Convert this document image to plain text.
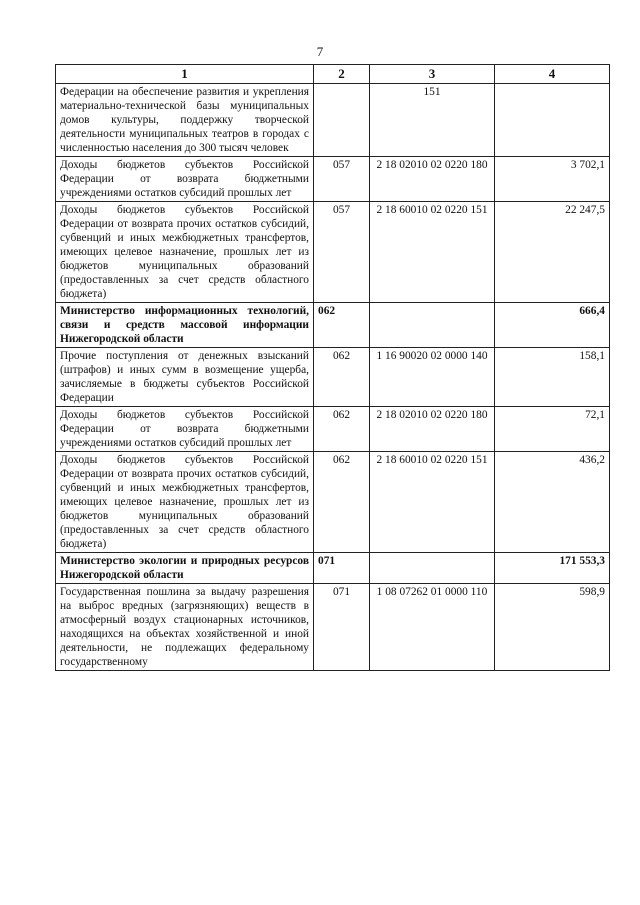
7
1	2	3	4
Федерации на обеспечение развития и укрепления материально-технической базы муниципальных домов культуры, поддержку творческой деятельности муниципальных театров в городах с численностью населения до 300 тысяч человек		151	
Доходы бюджетов субъектов Российской Федерации от возврата бюджетными учреждениями остатков субсидий прошлых лет	057	2 18 02010 02 0220 180	3 702,1
Доходы бюджетов субъектов Российской Федерации от возврата прочих остатков субсидий, субвенций и иных межбюджетных трансфертов, имеющих целевое назначение, прошлых лет из бюджетов муниципальных образований (предоставленных за счет средств областного бюджета)	057	2 18 60010 02 0220 151	22 247,5
Министерство информационных технологий, связи и средств массовой информации Нижегородской области	062		666,4
Прочие поступления от денежных взысканий (штрафов) и иных сумм в возмещение ущерба, зачисляемые в бюджеты субъектов Российской Федерации	062	1 16 90020 02 0000 140	158,1
Доходы бюджетов субъектов Российской Федерации от возврата бюджетными учреждениями остатков субсидий прошлых лет	062	2 18 02010 02 0220 180	72,1
Доходы бюджетов субъектов Российской Федерации от возврата прочих остатков субсидий, субвенций и иных межбюджетных трансфертов, имеющих целевое назначение, прошлых лет из бюджетов муниципальных образований (предоставленных за счет средств областного бюджета)	062	2 18 60010 02 0220 151	436,2
Министерство экологии и природных ресурсов Нижегородской области	071		171 553,3
Государственная пошлина за выдачу разрешения на выброс вредных (загрязняющих) веществ в атмосферный воздух стационарных источников, находящихся на объектах хозяйственной и иной деятельности, не подлежащих федеральному государственному	071	1 08 07262 01 0000 110	598,9
